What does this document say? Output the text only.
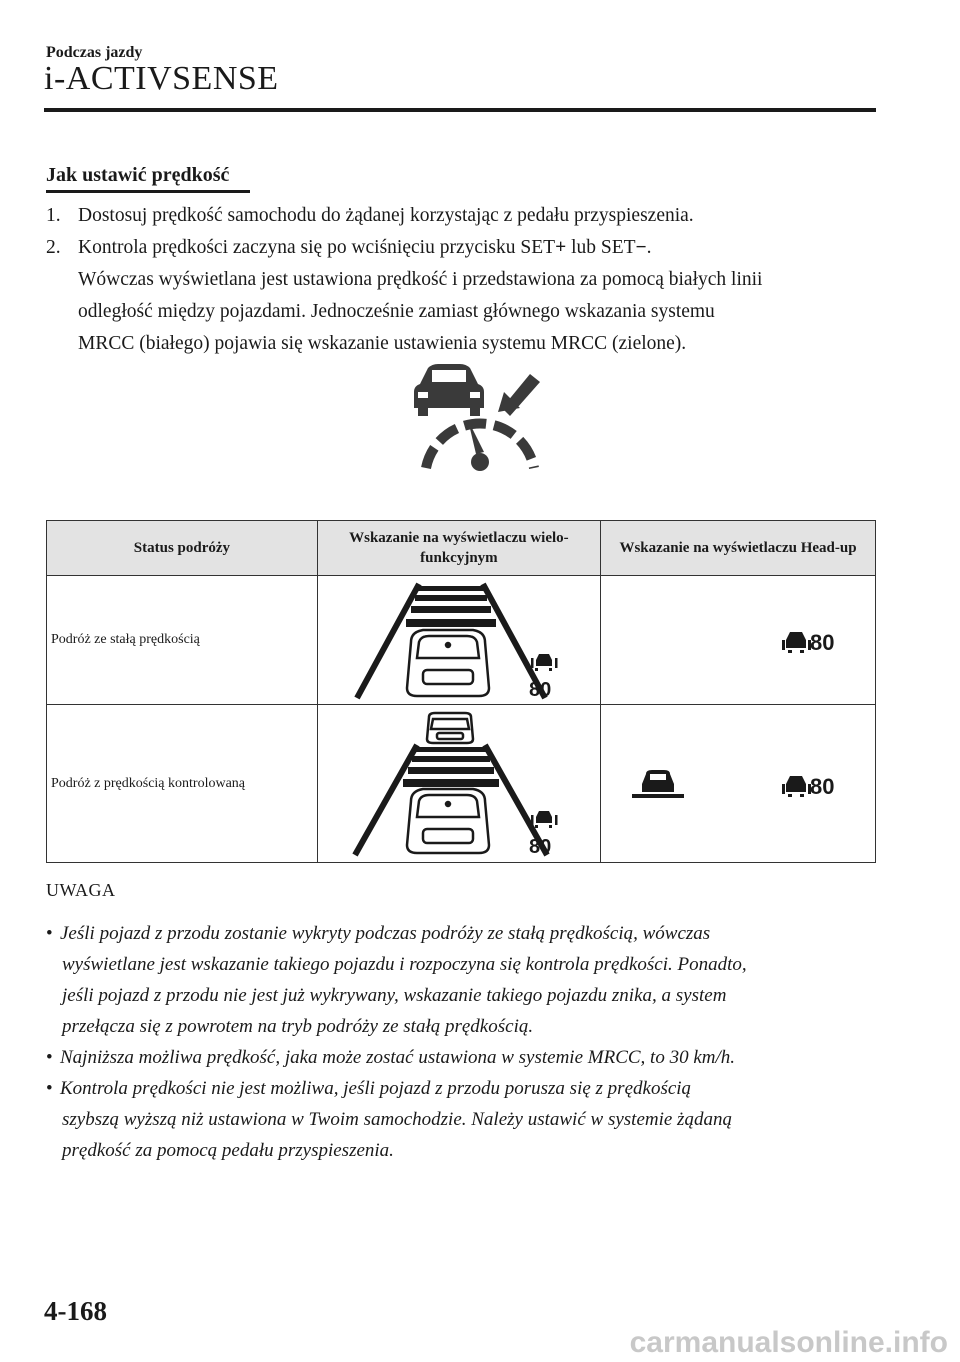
Podczas jazdy
i-ACTIVSENSE
Jak ustawić prędkość
1. Dostosuj prędkość samochodu do żądanej korzystając z pedału przyspieszenia.
2. Kontrola prędkości zaczyna się po wciśnięciu przycisku SET+ lub SET−.
Wówczas wyświetlana jest ustawiona prędkość i przedstawiona za pomocą białych linii
odległość między pojazdami. Jednocześnie zamiast głównego wskazania systemu
MRCC (białego) pojawia się wskazanie ustawienia systemu MRCC (zielone).
Status podróży	Wskazanie na wyświetlaczu wielo-funkcyjnym	Wskazanie na wyświetlaczu Head-up
Podróż ze stałą prędkością	80	80

Podróż z prędkością kontrolowaną	80	80
UWAGA
• Jeśli pojazd z przodu zostanie wykryty podczas podróży ze stałą prędkością, wówczas
wyświetlane jest wskazanie takiego pojazdu i rozpoczyna się kontrola prędkości. Ponadto,
jeśli pojazd z przodu nie jest już wykrywany, wskazanie takiego pojazdu znika, a system
przełącza się z powrotem na tryb podróży ze stałą prędkością.
• Najniższa możliwa prędkość, jaka może zostać ustawiona w systemie MRCC, to 30 km/h.
• Kontrola prędkości nie jest możliwa, jeśli pojazd z przodu porusza się z prędkością
szybszą wyższą niż ustawiona w Twoim samochodzie. Należy ustawić w systemie żądaną
prędkość za pomocą pedału przyspieszenia.
4-168
carmanualsonline.info
